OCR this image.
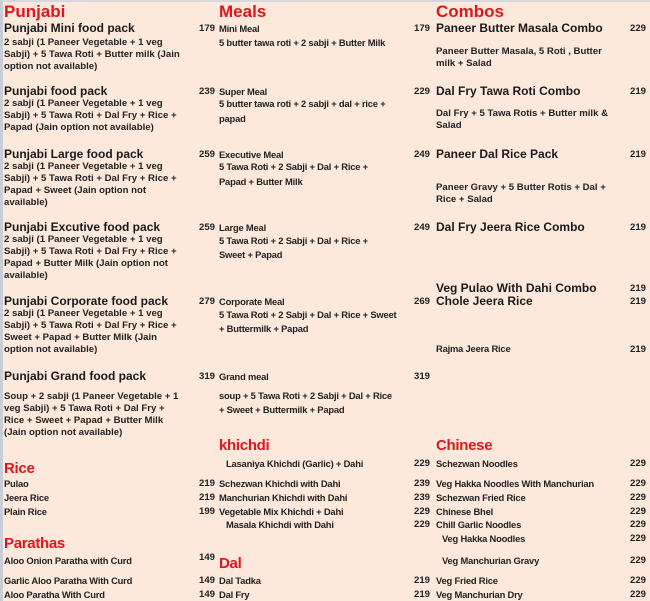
Punjabi	Meals	Combos
Rice
Parathas
khichdi
Dal
Chinese
Punjabi Mini food pack	179
2 sabji (1 Paneer Vegetable + 1 veg
Sabji) + 5 Tawa Roti + Butter milk (Jain
option not available)
Punjabi food pack	239
2 sabji (1 Paneer Vegetable + 1 veg
Sabji) + 5 Tawa Roti + Dal Fry + Rice +
Papad (Jain option not available)
Punjabi Large food pack	259
2 sabji (1 Paneer Vegetable + 1 veg
Sabji) + 5 Tawa Roti + Dal Fry + Rice +
Papad + Sweet (Jain option not
available)
Punjabi Excutive food pack	259
2 sabji (1 Paneer Vegetable + 1 veg
Sabji) + 5 Tawa Roti + Dal Fry + Rice +
Papad + Butter Milk (Jain option not
available)
Punjabi Corporate food pack	279
2 sabji (1 Paneer Vegetable + 1 veg
Sabji) + 5 Tawa Roti + Dal Fry + Rice +
Sweet + Papad + Butter Milk (Jain
option not available)
Punjabi Grand food pack	319
Soup + 2 sabji (1 Paneer Vegetable + 1
veg Sabji) + 5 Tawa Roti + Dal Fry +
Rice + Sweet + Papad + Butter Milk
(Jain option not available)
Mini Meal	179
5 butter tawa roti + 2 sabji + Butter Milk
Super Meal	229
5 butter tawa roti + 2 sabji + dal + rice +
papad
Executive Meal	249
5 Tawa Roti + 2 Sabji + Dal + Rice +
Papad + Butter Milk
Large Meal	249
5 Tawa Roti + 2 Sabji + Dal + Rice +
Sweet + Papad
Corporate Meal	269
5 Tawa Roti + 2 Sabji + Dal + Rice + Sweet
+ Buttermilk + Papad
Grand meal	319
soup + 5 Tawa Roti + 2 Sabji + Dal + Rice
+ Sweet + Buttermilk + Papad
Paneer Butter Masala Combo	229
Paneer Butter Masala, 5 Roti , Butter
milk + Salad
Dal Fry Tawa Roti Combo	219
Dal Fry + 5 Tawa Rotis + Butter milk &
Salad
Paneer Dal Rice Pack	219
Paneer Gravy + 5 Butter Rotis + Dal +
Rice + Salad
Dal Fry Jeera Rice Combo	219
Veg Pulao With Dahi Combo	219
Chole Jeera Rice	219
Rajma Jeera Rice	219
Pulao	219
Jeera Rice	219
Plain Rice	199
Aloo Onion Paratha with Curd	149
Garlic Aloo Paratha With Curd	149
Aloo Paratha With Curd	149
Lasaniya Khichdi (Garlic) + Dahi	229
Schezwan Khichdi with Dahi	239
Manchurian Khichdi with Dahi	239
Vegetable Mix Khichdi + Dahi	229
Masala Khichdi with Dahi	229
Dal Tadka	219
Dal Fry	219
Schezwan Noodles	229
Veg Hakka Noodles With Manchurian	229
Schezwan Fried Rice	229
Chinese Bhel	229
Chill Garlic Noodles	229
Veg Hakka Noodles	229
Veg Manchurian Gravy	229
Veg Fried Rice	229
Veg Manchurian Dry	229
